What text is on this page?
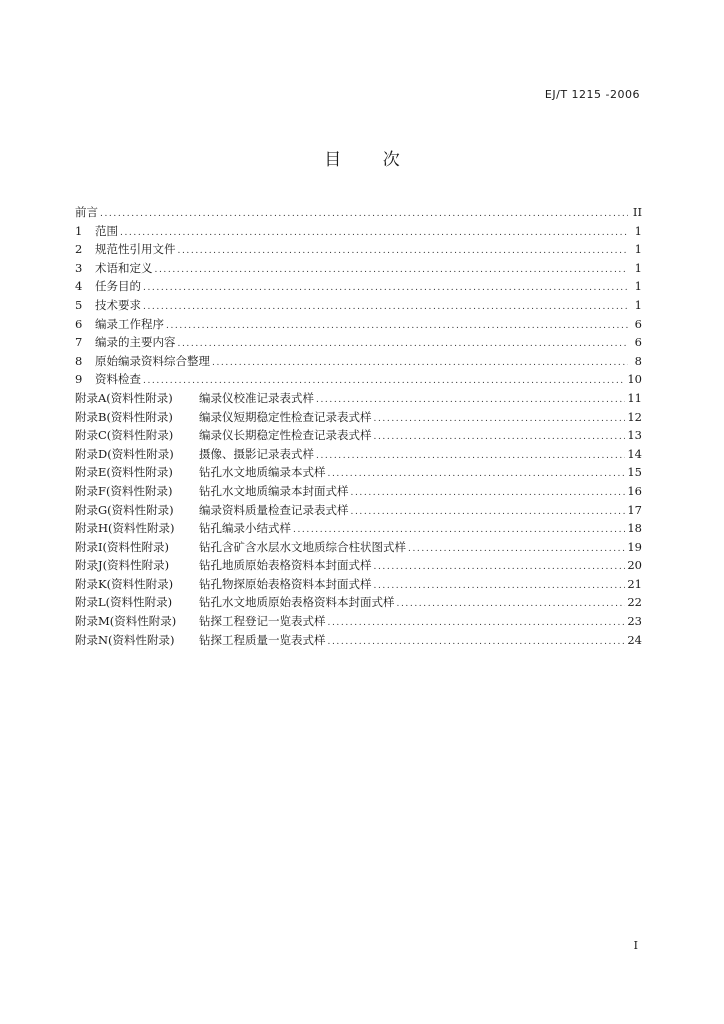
EJ/T 1215 -2006
目 次
前言 .....	II
1	范围 .....	1
2	规范性引用文件 .....	1
3	术语和定义 .....	1
4	任务目的 .....	1
5	技术要求 .....	1
6	编录工作程序 .....	6
7	编录的主要内容 .....	6
8	原始编录资料综合整理 .....	8
9	资料检查 .....	10
附录A(资料性附录)	编录仪校准记录表式样 .....	11
附录B(资料性附录)	编录仪短期稳定性检查记录表式样 .....	12
附录C(资料性附录)	编录仪长期稳定性检查记录表式样 .....	13
附录D(资料性附录)	摄像、摄影记录表式样 .....	14
附录E(资料性附录)	钻孔水文地质编录本式样 .....	15
附录F(资料性附录)	钻孔水文地质编录本封面式样 .....	16
附录G(资料性附录)	编录资料质量检查记录表式样 .....	17
附录H(资料性附录)	钻孔编录小结式样 .....	18
附录I(资料性附录)	钻孔含矿含水层水文地质综合柱状图式样 .....	19
附录J(资料性附录)	钻孔地质原始表格资料本封面式样 .....	20
附录K(资料性附录)	钻孔物探原始表格资料本封面式样 .....	21
附录L(资料性附录)	钻孔水文地质原始表格资料本封面式样 .....	22
附录M(资料性附录)	钻探工程登记一览表式样 .....	23
附录N(资料性附录)	钻探工程质量一览表式样 .....	24
I
